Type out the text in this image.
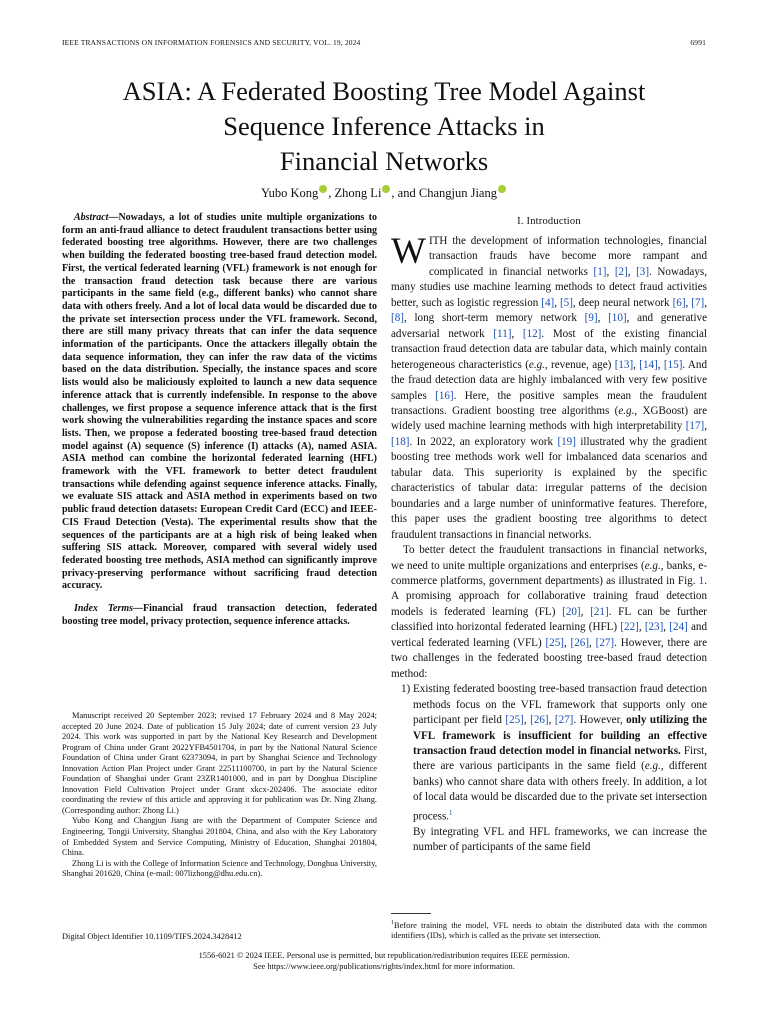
IEEE TRANSACTIONS ON INFORMATION FORENSICS AND SECURITY, VOL. 19, 2024	6991
ASIA: A Federated Boosting Tree Model Against
Sequence Inference Attacks in
Financial Networks
Yubo Kong , Zhong Li , and Changjun Jiang

Abstract—Nowadays, a lot of studies unite multiple organizations to form an anti-fraud alliance to detect fraudulent transactions better using federated boosting tree algorithms. However, there are two challenges when building the federated boosting tree-based fraud detection model. First, the vertical federated learning (VFL) framework is not enough for the transaction fraud detection task because there are various participants in the same field (e.g., different banks) who cannot share data with others freely. And a lot of local data would be discarded due to the private set intersection process under the VFL framework. Second, there are still many privacy threats that can infer the data sequence information of the participants. Once the attackers illegally obtain the data sequence information, they can infer the raw data of the victims based on the data distribution. Specially, the instance spaces and score lists would also be maliciously exploited to launch a new data sequence inference attack that is currently indefensible. In response to the above challenges, we first propose a sequence inference attack that is the first work showing the vulnerabilities regarding the instance spaces and score lists. Then, we propose a federated boosting tree-based fraud detection model against (A) sequence (S) inference (I) attacks (A), named ASIA. ASIA method can combine the horizontal federated learning (HFL) framework with the VFL framework to better detect fraudulent transactions while defending against sequence inference attacks. Finally, we evaluate SIS attack and ASIA method in experiments based on two public fraud detection datasets: European Credit Card (ECC) and IEEE-CIS Fraud Detection (Vesta). The experimental results show that the sequences of the participants are at a high risk of being leaked when suffering SIS attack. Moreover, compared with several widely used federated boosting tree methods, ASIA method can significantly improve privacy-preserving performance without sacrificing fraud detection accuracy.

Index Terms—Financial fraud transaction detection, federated boosting tree model, privacy protection, sequence inference attacks.

Manuscript received 20 September 2023; revised 17 February 2024 and 8 May 2024; accepted 20 June 2024. Date of publication 15 July 2024; date of current version 23 July 2024. This work was supported in part by the National Key Research and Development Program of China under Grant 2022YFB4501704, in part by the National Natural Science Foundation of China under Grant 62373094, in part by Shanghai Science and Technology Innovation Action Plan Project under Grant 22511100700, in part by the Natural Science Foundation of Shanghai under Grant 23ZR1401000, and in part by Donghua Discipline Innovation Field Cultivation Project under Grant xkcx-202406. The associate editor coordinating the review of this article and approving it for publication was Dr. Ning Zhang. (Corresponding author: Zhong Li.)

Yubo Kong and Changjun Jiang are with the Department of Computer Science and Engineering, Tongji University, Shanghai 201804, China, and also with the Key Laboratory of Embedded System and Service Computing, Ministry of Education, Shanghai 201804, China.

Zhong Li is with the College of Information Science and Technology, Donghua University, Shanghai 201620, China (e-mail: 007lizhong@dhu.edu.cn).

Digital Object Identifier 10.1109/TIFS.2024.3428412
I. Introduction

WITH the development of information technologies, financial transaction frauds have become more rampant and complicated in financial networks [1], [2], [3]. Nowadays, many studies use machine learning methods to detect fraud activities better, such as logistic regression [4], [5], deep neural network [6], [7], [8], long short-term memory network [9], [10], and generative adversarial network [11], [12]. Most of the existing financial transaction fraud detection data are tabular data, which mainly contain heterogeneous characteristics (e.g., revenue, age) [13], [14], [15]. And the fraud detection data are highly imbalanced with very few positive samples [16]. Here, the positive samples mean the fraudulent transactions. Gradient boosting tree algorithms (e.g., XGBoost) are widely used machine learning methods with high interpretability [17], [18]. In 2022, an exploratory work [19] illustrated why the gradient boosting tree methods work well for imbalanced data scenarios and tabular data. This superiority is explained by the specific characteristics of tabular data: irregular patterns of the decision boundaries and a large number of uninformative features. Therefore, this paper uses the gradient boosting tree algorithms to detect fraudulent transactions in financial networks.

To better detect the fraudulent transactions in financial networks, we need to unite multiple organizations and enterprises (e.g., banks, e-commerce platforms, government departments) as illustrated in Fig. 1. A promising approach for collaborative training fraud detection models is federated learning (FL) [20], [21]. FL can be further classified into horizontal federated learning (HFL) [22], [23], [24] and vertical federated learning (VFL) [25], [26], [27]. However, there are two challenges in the federated boosting tree-based fraud detection method:

1) Existing federated boosting tree-based transaction fraud detection methods focus on the VFL framework that supports only one participant per field [25], [26], [27]. However, only utilizing the VFL framework is insufficient for building an effective transaction fraud detection model in financial networks. First, there are various participants in the same field (e.g., different banks) who cannot share data with others freely. In addition, a lot of local data would be discarded due to the private set intersection process.$^1$
By integrating VFL and HFL frameworks, we can increase the number of participants of the same field
$^1$Before training the model, VFL needs to obtain the distributed data with the common identifiers (IDs), which is called as the private set intersection.
1556-6021 © 2024 IEEE. Personal use is permitted, but republication/redistribution requires IEEE permission.
See https://www.ieee.org/publications/rights/index.html for more information.
